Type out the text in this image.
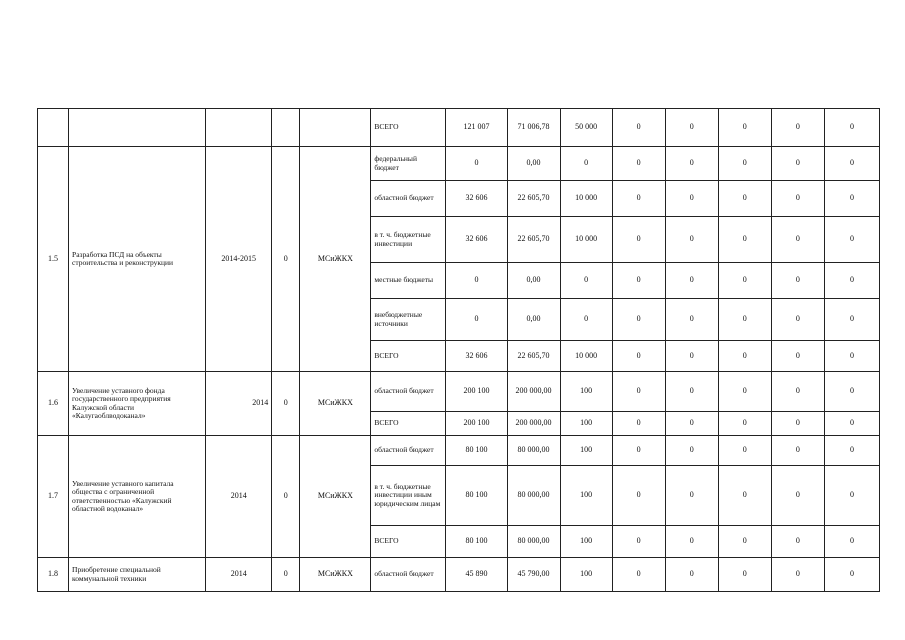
					ВСЕГО	121 007	71 006,78	50 000	0	0	0	0	0
1.5	Разработка ПСД на объекты строительства и реконструкции	2014-2015	0	МСиЖКХ	федеральный бюджет	0	0,00	0	0	0	0	0	0
					областной бюджет	32 606	22 605,70	10 000	0	0	0	0	0
					в т. ч. бюджетные инвестиции	32 606	22 605,70	10 000	0	0	0	0	0
					местные бюджеты	0	0,00	0	0	0	0	0	0
					внебюджетные источники	0	0,00	0	0	0	0	0	0
					ВСЕГО	32 606	22 605,70	10 000	0	0	0	0	0
1.6	Увеличение уставного фонда государственного предприятия Калужской области «Калугаоблводоканал»	2014	0	МСиЖКХ	областной бюджет	200 100	200 000,00	100	0	0	0	0	0
					ВСЕГО	200 100	200 000,00	100	0	0	0	0	0
1.7	Увеличение уставного капитала общества с ограниченной ответственностью «Калужский областной водоканал»	2014	0	МСиЖКХ	областной бюджет	80 100	80 000,00	100	0	0	0	0	0
					в т. ч. бюджетные инвестиции иным юридическим лицам	80 100	80 000,00	100	0	0	0	0	0
					ВСЕГО	80 100	80 000,00	100	0	0	0	0	0
1.8	Приобретение специальной коммунальной техники	2014	0	МСиЖКХ	областной бюджет	45 890	45 790,00	100	0	0	0	0	0
